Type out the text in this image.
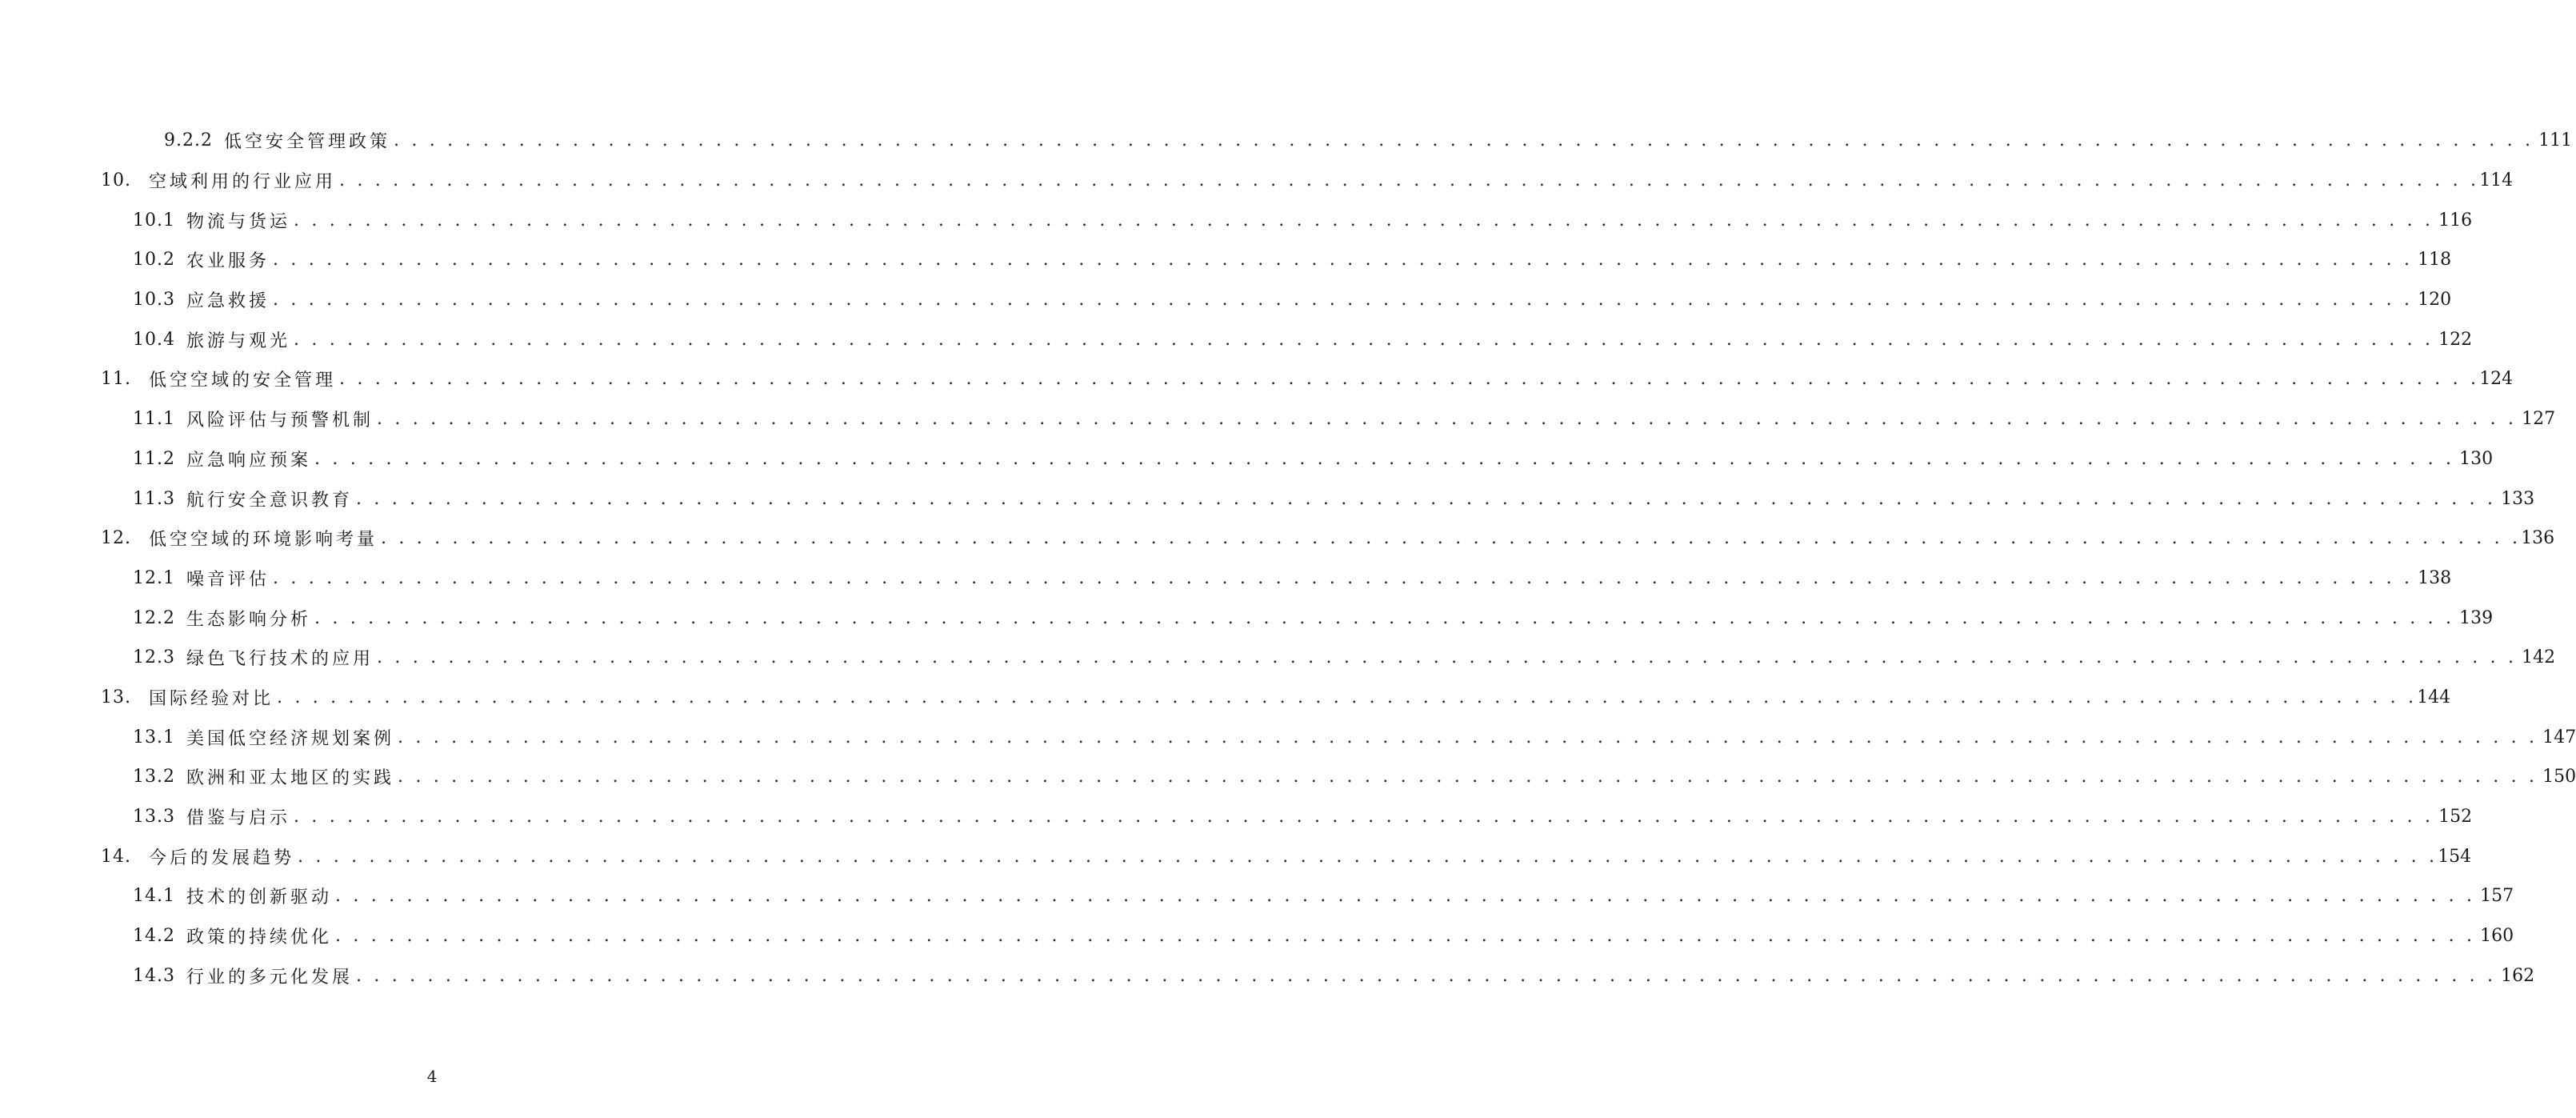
9.2.2 低空安全管理政策 . . . . . . . . . . . . . . . . . . . . . . . . . . . . . . . . . . . . . . . . . . . . . . . . . . . . . . . . . . . . . . . . . . . . . . . . . . . . . . . . . . . . . . . . . . . . . . . . . . . . . . . . . . . . . . . . . . . . . . . . 111
10. 空域利用的行业应用 . . . . . . . . . . . . . . . . . . . . . . . . . . . . . . . . . . . . . . . . . . . . . . . . . . . . . . . . . . . . . . . . . . . . . . . . . . . . . . . . . . . . . . . . . . . . . . . . . . . . . . . . . . . . . . . . . . . . . . . . 114
10.1 物流与货运 . . . . . . . . . . . . . . . . . . . . . . . . . . . . . . . . . . . . . . . . . . . . . . . . . . . . . . . . . . . . . . . . . . . . . . . . . . . . . . . . . . . . . . . . . . . . . . . . . . . . . . . . . . . . . . . . . . . . . . . . 116
10.2 农业服务 . . . . . . . . . . . . . . . . . . . . . . . . . . . . . . . . . . . . . . . . . . . . . . . . . . . . . . . . . . . . . . . . . . . . . . . . . . . . . . . . . . . . . . . . . . . . . . . . . . . . . . . . . . . . . . . . . . . . . . . . 118
10.3 应急救援 . . . . . . . . . . . . . . . . . . . . . . . . . . . . . . . . . . . . . . . . . . . . . . . . . . . . . . . . . . . . . . . . . . . . . . . . . . . . . . . . . . . . . . . . . . . . . . . . . . . . . . . . . . . . . . . . . . . . . . . . 120
10.4 旅游与观光 . . . . . . . . . . . . . . . . . . . . . . . . . . . . . . . . . . . . . . . . . . . . . . . . . . . . . . . . . . . . . . . . . . . . . . . . . . . . . . . . . . . . . . . . . . . . . . . . . . . . . . . . . . . . . . . . . . . . . . . . 122
11. 低空空域的安全管理 . . . . . . . . . . . . . . . . . . . . . . . . . . . . . . . . . . . . . . . . . . . . . . . . . . . . . . . . . . . . . . . . . . . . . . . . . . . . . . . . . . . . . . . . . . . . . . . . . . . . . . . . . . . . . . . . . . . . . . . . 124
11.1 风险评估与预警机制 . . . . . . . . . . . . . . . . . . . . . . . . . . . . . . . . . . . . . . . . . . . . . . . . . . . . . . . . . . . . . . . . . . . . . . . . . . . . . . . . . . . . . . . . . . . . . . . . . . . . . . . . . . . . . . . . . . . . . . . . 127
11.2 应急响应预案 . . . . . . . . . . . . . . . . . . . . . . . . . . . . . . . . . . . . . . . . . . . . . . . . . . . . . . . . . . . . . . . . . . . . . . . . . . . . . . . . . . . . . . . . . . . . . . . . . . . . . . . . . . . . . . . . . . . . . . . . 130
11.3 航行安全意识教育 . . . . . . . . . . . . . . . . . . . . . . . . . . . . . . . . . . . . . . . . . . . . . . . . . . . . . . . . . . . . . . . . . . . . . . . . . . . . . . . . . . . . . . . . . . . . . . . . . . . . . . . . . . . . . . . . . . . . . . . . 133
12. 低空空域的环境影响考量 . . . . . . . . . . . . . . . . . . . . . . . . . . . . . . . . . . . . . . . . . . . . . . . . . . . . . . . . . . . . . . . . . . . . . . . . . . . . . . . . . . . . . . . . . . . . . . . . . . . . . . . . . . . . . . . . . . . . . . . . 136
12.1 噪音评估 . . . . . . . . . . . . . . . . . . . . . . . . . . . . . . . . . . . . . . . . . . . . . . . . . . . . . . . . . . . . . . . . . . . . . . . . . . . . . . . . . . . . . . . . . . . . . . . . . . . . . . . . . . . . . . . . . . . . . . . . 138
12.2 生态影响分析 . . . . . . . . . . . . . . . . . . . . . . . . . . . . . . . . . . . . . . . . . . . . . . . . . . . . . . . . . . . . . . . . . . . . . . . . . . . . . . . . . . . . . . . . . . . . . . . . . . . . . . . . . . . . . . . . . . . . . . . . 139
12.3 绿色飞行技术的应用 . . . . . . . . . . . . . . . . . . . . . . . . . . . . . . . . . . . . . . . . . . . . . . . . . . . . . . . . . . . . . . . . . . . . . . . . . . . . . . . . . . . . . . . . . . . . . . . . . . . . . . . . . . . . . . . . . . . . . . . . 142
13. 国际经验对比 . . . . . . . . . . . . . . . . . . . . . . . . . . . . . . . . . . . . . . . . . . . . . . . . . . . . . . . . . . . . . . . . . . . . . . . . . . . . . . . . . . . . . . . . . . . . . . . . . . . . . . . . . . . . . . . . . . . . . . . . 144
13.1 美国低空经济规划案例 . . . . . . . . . . . . . . . . . . . . . . . . . . . . . . . . . . . . . . . . . . . . . . . . . . . . . . . . . . . . . . . . . . . . . . . . . . . . . . . . . . . . . . . . . . . . . . . . . . . . . . . . . . . . . . . . . . . . . . . . 147
13.2 欧洲和亚太地区的实践 . . . . . . . . . . . . . . . . . . . . . . . . . . . . . . . . . . . . . . . . . . . . . . . . . . . . . . . . . . . . . . . . . . . . . . . . . . . . . . . . . . . . . . . . . . . . . . . . . . . . . . . . . . . . . . . . . . . . . . . . 150
13.3 借鉴与启示 . . . . . . . . . . . . . . . . . . . . . . . . . . . . . . . . . . . . . . . . . . . . . . . . . . . . . . . . . . . . . . . . . . . . . . . . . . . . . . . . . . . . . . . . . . . . . . . . . . . . . . . . . . . . . . . . . . . . . . . . 152
14. 今后的发展趋势 . . . . . . . . . . . . . . . . . . . . . . . . . . . . . . . . . . . . . . . . . . . . . . . . . . . . . . . . . . . . . . . . . . . . . . . . . . . . . . . . . . . . . . . . . . . . . . . . . . . . . . . . . . . . . . . . . . . . . . . . 154
14.1 技术的创新驱动 . . . . . . . . . . . . . . . . . . . . . . . . . . . . . . . . . . . . . . . . . . . . . . . . . . . . . . . . . . . . . . . . . . . . . . . . . . . . . . . . . . . . . . . . . . . . . . . . . . . . . . . . . . . . . . . . . . . . . . . . 157
14.2 政策的持续优化 . . . . . . . . . . . . . . . . . . . . . . . . . . . . . . . . . . . . . . . . . . . . . . . . . . . . . . . . . . . . . . . . . . . . . . . . . . . . . . . . . . . . . . . . . . . . . . . . . . . . . . . . . . . . . . . . . . . . . . . . 160
14.3 行业的多元化发展 . . . . . . . . . . . . . . . . . . . . . . . . . . . . . . . . . . . . . . . . . . . . . . . . . . . . . . . . . . . . . . . . . . . . . . . . . . . . . . . . . . . . . . . . . . . . . . . . . . . . . . . . . . . . . . . . . . . . . . . . 162
4
